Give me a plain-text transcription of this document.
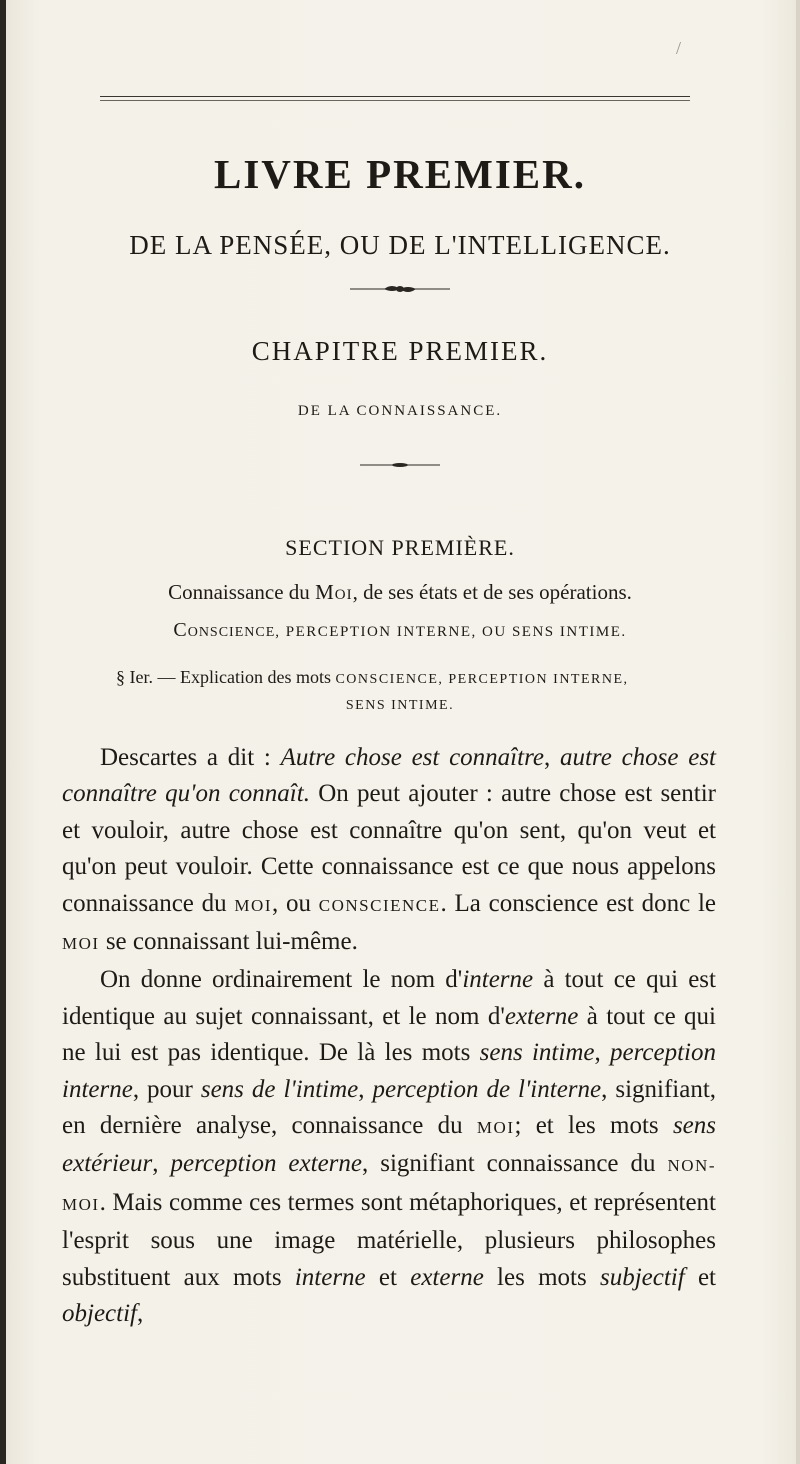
/
LIVRE PREMIER.
DE LA PENSÉE, OU DE L'INTELLIGENCE.
CHAPITRE PREMIER.
DE LA CONNAISSANCE.
SECTION PREMIÈRE.
Connaissance du Moi, de ses états et de ses opérations.
Conscience, PERCEPTION INTERNE, OU SENS INTIME.
§ Ier. — Explication des mots CONSCIENCE, PERCEPTION INTERNE,
SENS INTIME.

Descartes a dit : Autre chose est connaître, autre chose est connaître qu'on connaît. On peut ajouter : autre chose est sentir et vouloir, autre chose est connaître qu'on sent, qu'on veut et qu'on peut vouloir. Cette connaissance est ce que nous appelons connaissance du MOI, ou CONSCIENCE. La conscience est donc le MOI se connaissant lui-même.

On donne ordinairement le nom d'interne à tout ce qui est identique au sujet connaissant, et le nom d'externe à tout ce qui ne lui est pas identique. De là les mots sens intime, perception interne, pour sens de l'intime, perception de l'interne, signifiant, en dernière analyse, connaissance du MOI; et les mots sens extérieur, perception externe, signifiant connaissance du NON-MOI. Mais comme ces termes sont métaphoriques, et représentent l'esprit sous une image matérielle, plusieurs philosophes substituent aux mots interne et externe les mots subjectif et objectif,
